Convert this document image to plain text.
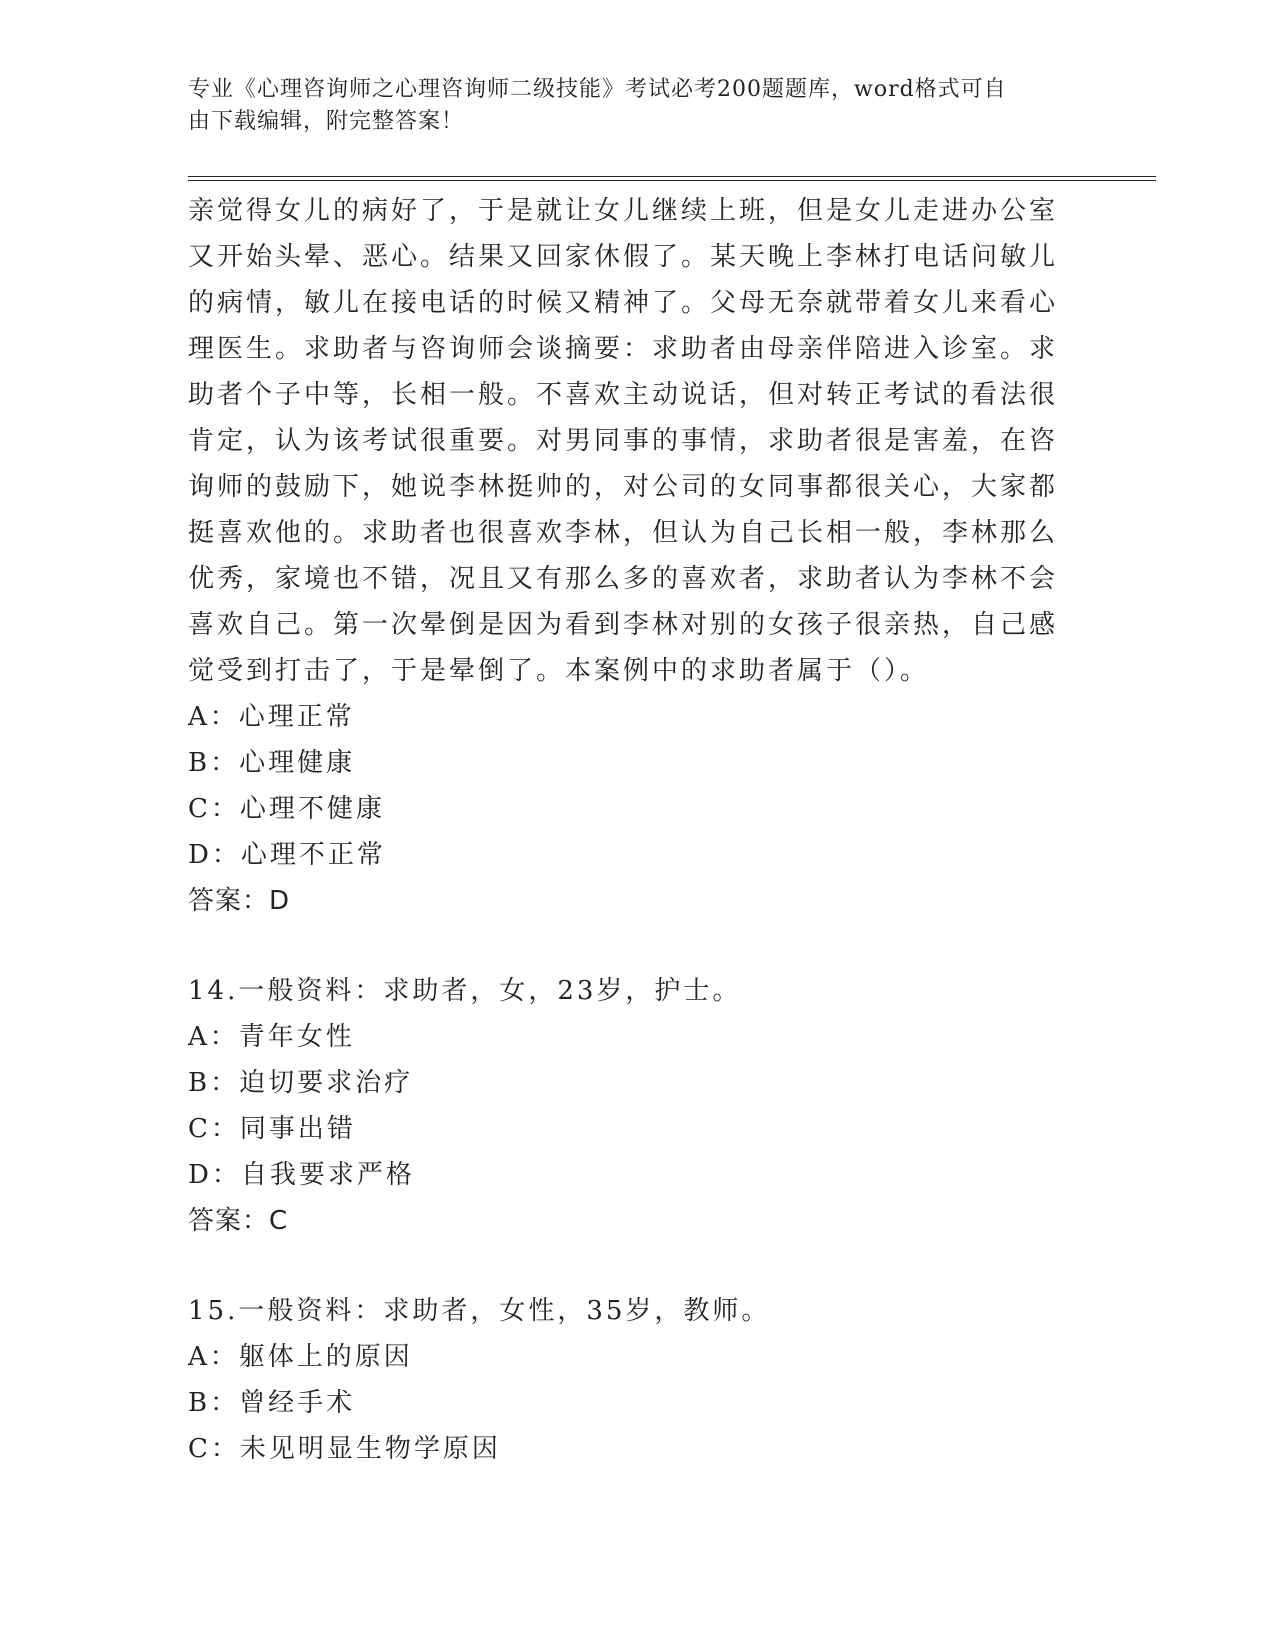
专业《心理咨询师之心理咨询师二级技能》考试必考200题题库，word格式可自
由下载编辑，附完整答案！
亲觉得女儿的病好了，于是就让女儿继续上班，但是女儿走进办公室
又开始头晕、恶心。结果又回家休假了。某天晚上李林打电话问敏儿
的病情，敏儿在接电话的时候又精神了。父母无奈就带着女儿来看心
理医生。求助者与咨询师会谈摘要：求助者由母亲伴陪进入诊室。求
助者个子中等，长相一般。不喜欢主动说话，但对转正考试的看法很
肯定，认为该考试很重要。对男同事的事情，求助者很是害羞，在咨
询师的鼓励下，她说李林挺帅的，对公司的女同事都很关心，大家都
挺喜欢他的。求助者也很喜欢李林，但认为自己长相一般，李林那么
优秀，家境也不错，况且又有那么多的喜欢者，求助者认为李林不会
喜欢自己。第一次晕倒是因为看到李林对别的女孩子很亲热，自己感
觉受到打击了，于是晕倒了。本案例中的求助者属于（）。
A：心理正常
B：心理健康
C：心理不健康
D：心理不正常
答案：D
14.一般资料：求助者，女，23岁，护士。
A：青年女性
B：迫切要求治疗
C：同事出错
D：自我要求严格
答案：C
15.一般资料：求助者，女性，35岁，教师。
A：躯体上的原因
B：曾经手术
C：未见明显生物学原因
